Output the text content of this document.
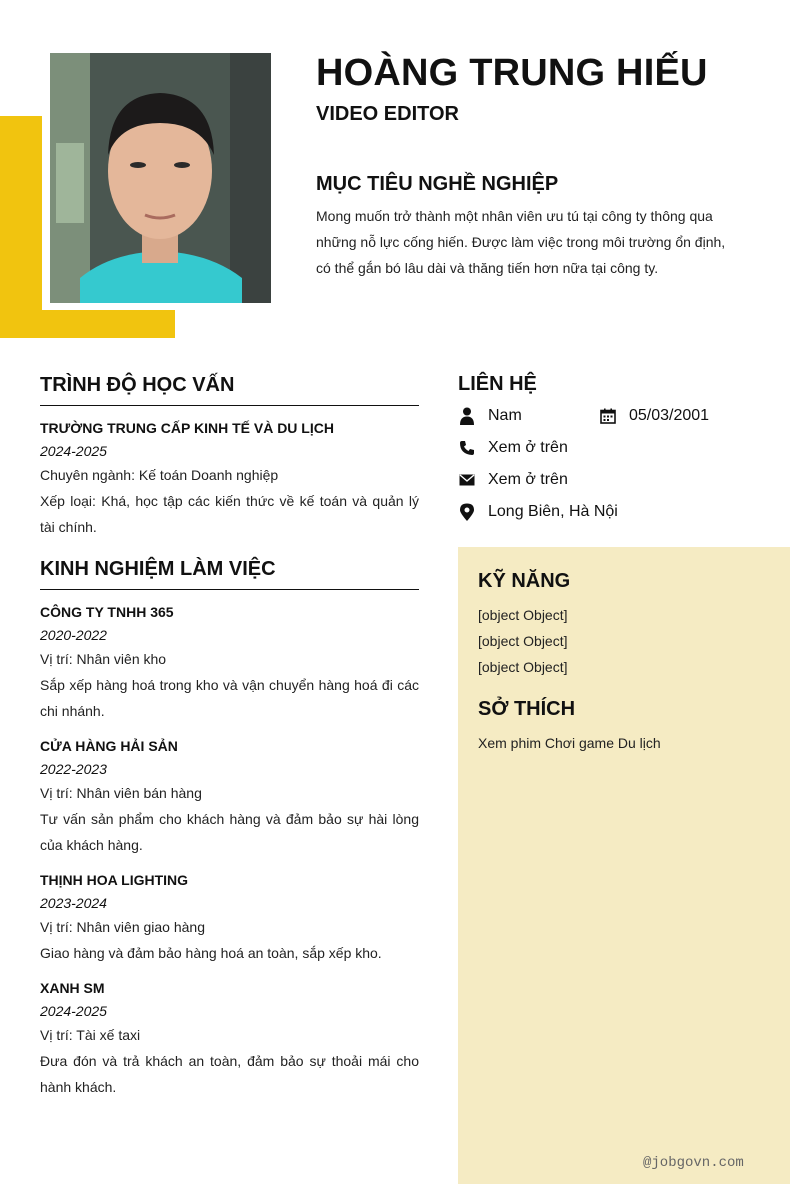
HOÀNG TRUNG HIẾU
VIDEO EDITOR
MỤC TIÊU NGHỀ NGHIỆP
Mong muốn trở thành một nhân viên ưu tú tại công ty thông qua những nỗ lực cống hiến. Được làm việc trong môi trường ổn định, có thể gắn bó lâu dài và thăng tiến hơn nữa tại công ty.
TRÌNH ĐỘ HỌC VẤN
TRƯỜNG TRUNG CẤP KINH TẾ VÀ DU LỊCH
2024-2025
Chuyên ngành: Kế toán Doanh nghiệp
Xếp loại: Khá, học tập các kiến thức về kế toán và quản lý tài chính.
KINH NGHIỆM LÀM VIỆC
CÔNG TY TNHH 365
2020-2022
Vị trí: Nhân viên kho
Sắp xếp hàng hoá trong kho và vận chuyển hàng hoá đi các chi nhánh.
CỬA HÀNG HẢI SẢN
2022-2023
Vị trí: Nhân viên bán hàng
Tư vấn sản phẩm cho khách hàng và đảm bảo sự hài lòng của khách hàng.
THỊNH HOA LIGHTING
2023-2024
Vị trí: Nhân viên giao hàng
Giao hàng và đảm bảo hàng hoá an toàn, sắp xếp kho.
XANH SM
2024-2025
Vị trí: Tài xế taxi
Đưa đón và trả khách an toàn, đảm bảo sự thoải mái cho hành khách.
LIÊN HỆ
Nam	05/03/2001
Xem ở trên
Xem ở trên
Long Biên, Hà Nội
KỸ NĂNG
[object Object]
[object Object]
[object Object]
SỞ THÍCH
Xem phim Chơi game Du lịch
@jobgovn.com
